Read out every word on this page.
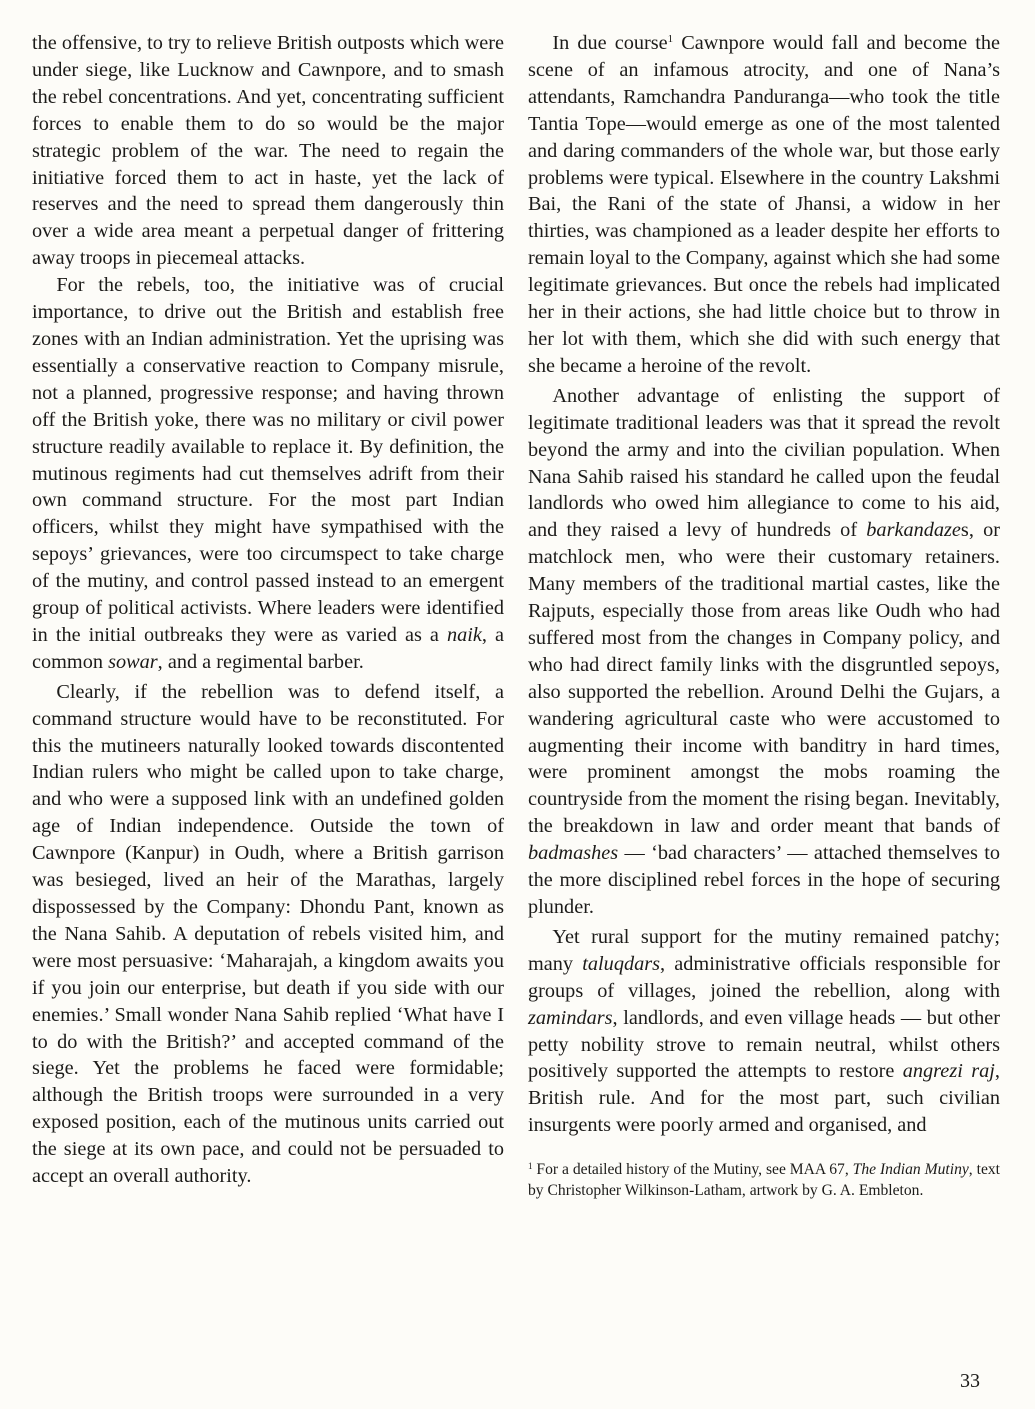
the offensive, to try to relieve British outposts which were under siege, like Lucknow and Cawnpore, and to smash the rebel concentrations. And yet, concentrating sufficient forces to enable them to do so would be the major strategic problem of the war. The need to regain the initiative forced them to act in haste, yet the lack of reserves and the need to spread them dangerously thin over a wide area meant a perpetual danger of frittering away troops in piecemeal attacks.

For the rebels, too, the initiative was of crucial importance, to drive out the British and establish free zones with an Indian administration. Yet the uprising was essentially a conservative reaction to Company misrule, not a planned, progressive response; and having thrown off the British yoke, there was no military or civil power structure readily available to replace it. By definition, the mutinous regiments had cut themselves adrift from their own command structure. For the most part Indian officers, whilst they might have sympathised with the sepoys’ grievances, were too circumspect to take charge of the mutiny, and control passed instead to an emergent group of political activists. Where leaders were identified in the initial outbreaks they were as varied as a naik, a common sowar, and a regimental barber.

Clearly, if the rebellion was to defend itself, a command structure would have to be reconstituted. For this the mutineers naturally looked towards discontented Indian rulers who might be called upon to take charge, and who were a supposed link with an undefined golden age of Indian independence. Outside the town of Cawnpore (Kanpur) in Oudh, where a British garrison was besieged, lived an heir of the Marathas, largely dispossessed by the Company: Dhondu Pant, known as the Nana Sahib. A deputation of rebels visited him, and were most persuasive: ‘Maharajah, a kingdom awaits you if you join our enterprise, but death if you side with our enemies.’ Small wonder Nana Sahib replied ‘What have I to do with the British?’ and accepted command of the siege. Yet the problems he faced were formidable; although the British troops were surrounded in a very exposed position, each of the mutinous units carried out the siege at its own pace, and could not be persuaded to accept an overall authority.

In due course$^1$ Cawnpore would fall and become the scene of an infamous atrocity, and one of Nana’s attendants, Ramchandra Panduranga—who took the title Tantia Tope—would emerge as one of the most talented and daring commanders of the whole war, but those early problems were typical. Elsewhere in the country Lakshmi Bai, the Rani of the state of Jhansi, a widow in her thirties, was championed as a leader despite her efforts to remain loyal to the Company, against which she had some legitimate grievances. But once the rebels had implicated her in their actions, she had little choice but to throw in her lot with them, which she did with such energy that she became a heroine of the revolt.

Another advantage of enlisting the support of legitimate traditional leaders was that it spread the revolt beyond the army and into the civilian population. When Nana Sahib raised his standard he called upon the feudal landlords who owed him allegiance to come to his aid, and they raised a levy of hundreds of barkandazes, or matchlock men, who were their customary retainers. Many members of the traditional martial castes, like the Rajputs, especially those from areas like Oudh who had suffered most from the changes in Company policy, and who had direct family links with the disgruntled sepoys, also supported the rebellion. Around Delhi the Gujars, a wandering agricultural caste who were accustomed to augmenting their income with banditry in hard times, were prominent amongst the mobs roaming the countryside from the moment the rising began. Inevitably, the breakdown in law and order meant that bands of badmashes — ‘bad characters’ — attached themselves to the more disciplined rebel forces in the hope of securing plunder.

Yet rural support for the mutiny remained patchy; many taluqdars, administrative officials responsible for groups of villages, joined the rebellion, along with zamindars, landlords, and even village heads — but other petty nobility strove to remain neutral, whilst others positively supported the attempts to restore angrezi raj, British rule. And for the most part, such civilian insurgents were poorly armed and organised, and

$^1$ For a detailed history of the Mutiny, see MAA 67, The Indian Mutiny, text by Christopher Wilkinson-Latham, artwork by G. A. Embleton.

33
